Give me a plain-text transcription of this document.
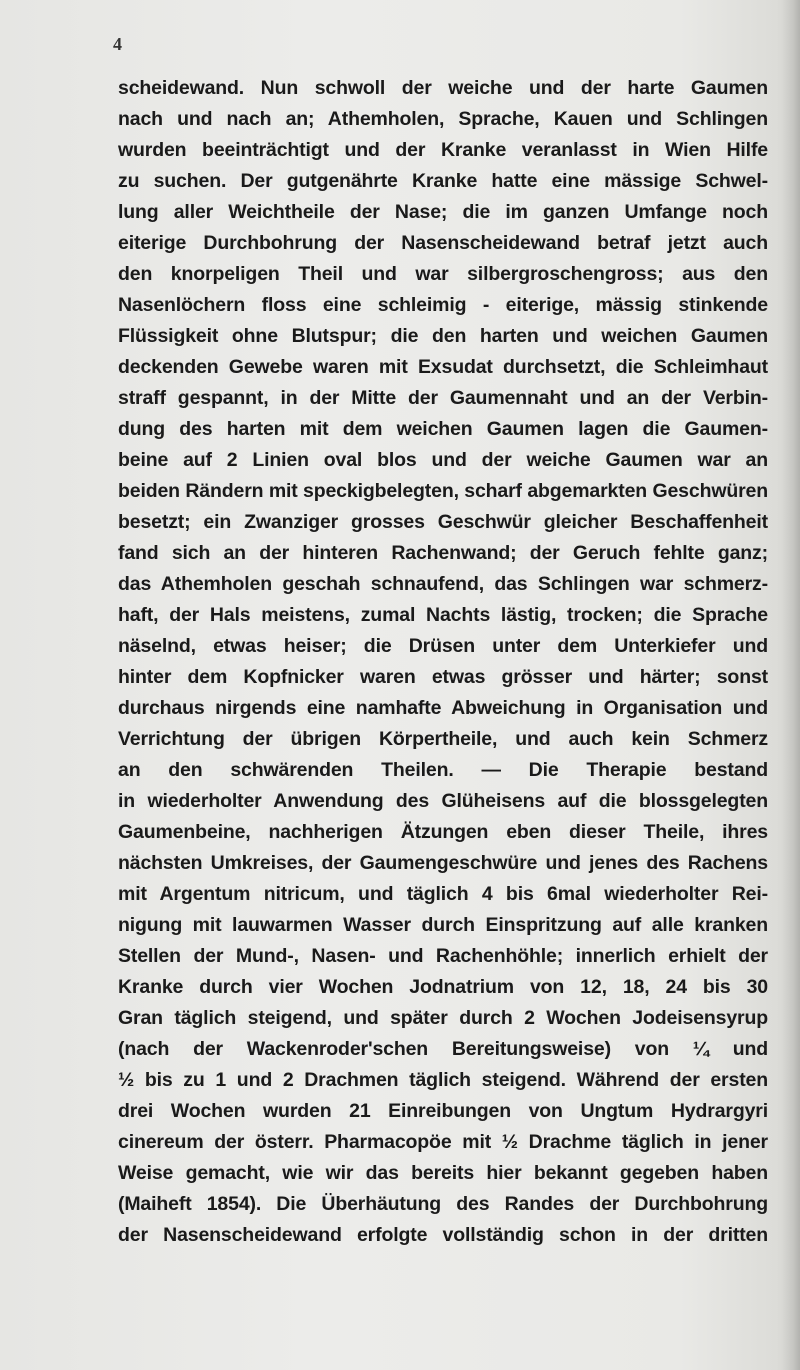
4
scheidewand. Nun schwoll der weiche und der harte Gaumen
nach und nach an; Athemholen, Sprache, Kauen und Schlingen
wurden beeinträchtigt und der Kranke veranlasst in Wien Hilfe
zu suchen. Der gutgenährte Kranke hatte eine mässige Schwel-
lung aller Weichtheile der Nase; die im ganzen Umfange noch
eiterige Durchbohrung der Nasenscheidewand betraf jetzt auch
den knorpeligen Theil und war silbergroschengross; aus den
Nasenlöchern floss eine schleimig - eiterige, mässig stinkende
Flüssigkeit ohne Blutspur; die den harten und weichen Gaumen
deckenden Gewebe waren mit Exsudat durchsetzt, die Schleimhaut
straff gespannt, in der Mitte der Gaumennaht und an der Verbin-
dung des harten mit dem weichen Gaumen lagen die Gaumen-
beine auf 2 Linien oval blos und der weiche Gaumen war an
beiden Rändern mit speckigbelegten, scharf abgemarkten Geschwüren
besetzt; ein Zwanziger grosses Geschwür gleicher Beschaffenheit
fand sich an der hinteren Rachenwand; der Geruch fehlte ganz;
das Athemholen geschah schnaufend, das Schlingen war schmerz-
haft, der Hals meistens, zumal Nachts lästig, trocken; die Sprache
näselnd, etwas heiser; die Drüsen unter dem Unterkiefer und
hinter dem Kopfnicker waren etwas grösser und härter; sonst
durchaus nirgends eine namhafte Abweichung in Organisation und
Verrichtung der übrigen Körpertheile, und auch kein Schmerz
an den schwärenden Theilen. — Die Therapie bestand
in wiederholter Anwendung des Glüheisens auf die blossgelegten
Gaumenbeine, nachherigen Ätzungen eben dieser Theile, ihres
nächsten Umkreises, der Gaumengeschwüre und jenes des Rachens
mit Argentum nitricum, und täglich 4 bis 6mal wiederholter Rei-
nigung mit lauwarmen Wasser durch Einspritzung auf alle kranken
Stellen der Mund-, Nasen- und Rachenhöhle; innerlich erhielt der
Kranke durch vier Wochen Jodnatrium von 12, 18, 24 bis 30
Gran täglich steigend, und später durch 2 Wochen Jodeisensyrup
(nach der Wackenroder'schen Bereitungsweise) von ¼ und
½ bis zu 1 und 2 Drachmen täglich steigend. Während der ersten
drei Wochen wurden 21 Einreibungen von Ungtum Hydrargyri
cinereum der österr. Pharmacopöe mit ½ Drachme täglich in jener
Weise gemacht, wie wir das bereits hier bekannt gegeben haben
(Maiheft 1854). Die Überhäutung des Randes der Durchbohrung
der Nasenscheidewand erfolgte vollständig schon in der dritten
